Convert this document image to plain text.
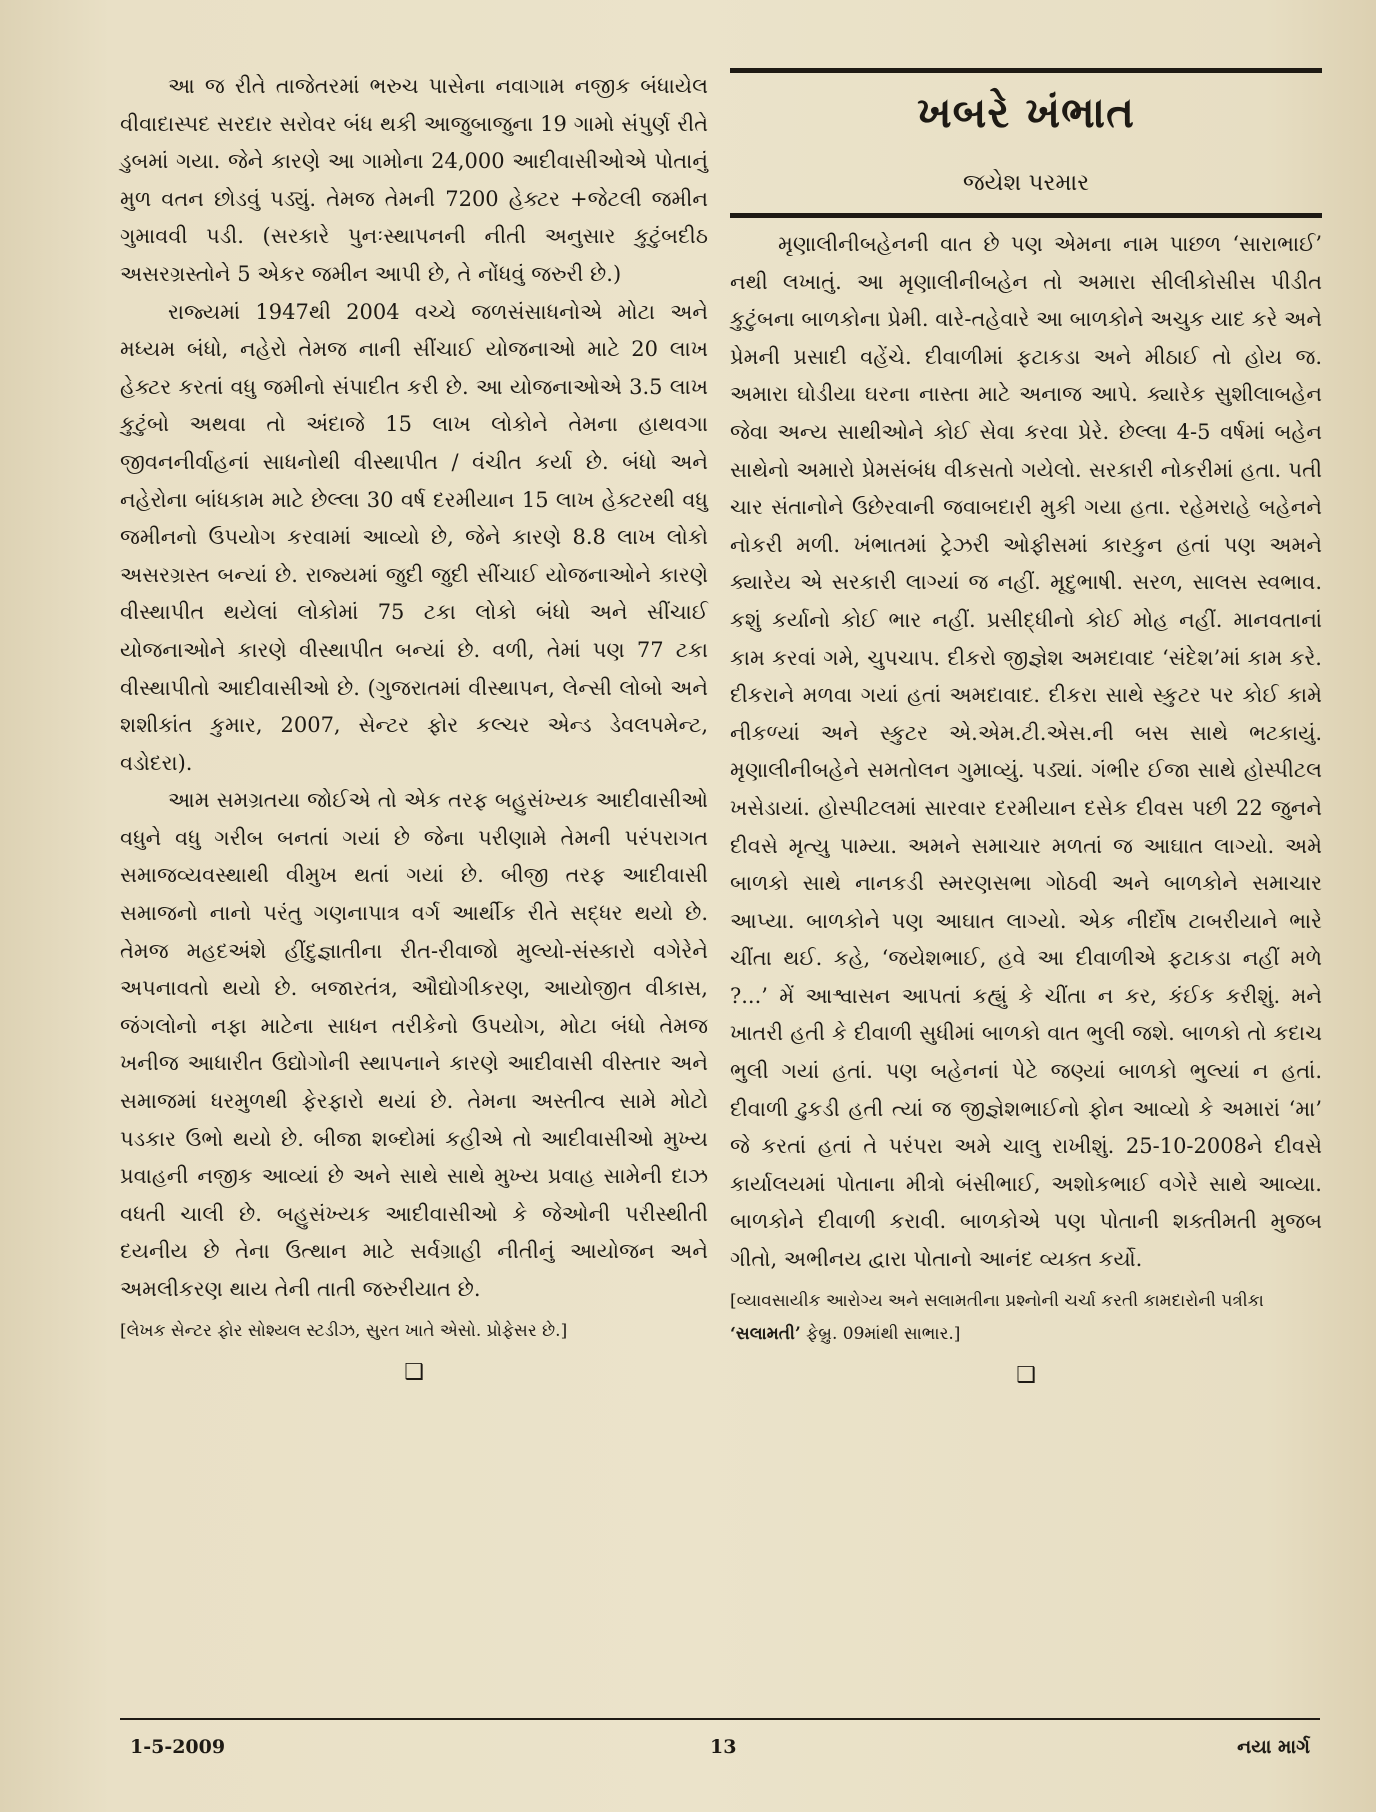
આ જ રીતે તાજેતરમાં ભરુચ પાસેના નવાગામ નજીક બંધાયેલ વીવાદાસ્પદ સરદાર સરોવર બંધ થકી આજુબાજુના 19 ગામો સંપુર્ણ રીતે ડુબમાં ગયા. જેને કારણે આ ગામોના 24,000 આદીવાસીઓએ પોતાનું મુળ વતન છોડવું પડ્યું. તેમજ તેમની 7200 હેક્ટર +જેટલી જમીન ગુમાવવી પડી. (સરકારે પુનઃસ્થાપનની નીતી અનુસાર કુટુંબદીઠ અસરગ્રસ્તોને 5 એકર જમીન આપી છે, તે નોંધવું જરુરી છે.)

રાજ્યમાં 1947થી 2004 વચ્ચે જળસંસાધનોએ મોટા અને મધ્યમ બંધો, નહેરો તેમજ નાની સીંચાઈ યોજનાઓ માટે 20 લાખ હેક્ટર કરતાં વધુ જમીનો સંપાદીત કરી છે. આ યોજનાઓએ 3.5 લાખ કુટુંબો અથવા તો અંદાજે 15 લાખ લોકોને તેમના હાથવગા જીવનનીર્વાહનાં સાધનોથી વીસ્થાપીત / વંચીત કર્યા છે. બંધો અને નહેરોના બાંધકામ માટે છેલ્લા 30 વર્ષ દરમીયાન 15 લાખ હેક્ટરથી વધુ જમીનનો ઉપયોગ કરવામાં આવ્યો છે, જેને કારણે 8.8 લાખ લોકો અસરગ્રસ્ત બન્યાં છે. રાજ્યમાં જુદી જુદી સીંચાઈ યોજનાઓને કારણે વીસ્થાપીત થયેલાં લોકોમાં 75 ટકા લોકો બંધો અને સીંચાઈ યોજનાઓને કારણે વીસ્થાપીત બન્યાં છે. વળી, તેમાં પણ 77 ટકા વીસ્થાપીતો આદીવાસીઓ છે. (ગુજરાતમાં વીસ્થાપન, લેન્સી લોબો અને શશીકાંત કુમાર, 2007, સેન્ટર ફોર કલ્ચર એન્ડ ડેવલપમેન્ટ, વડોદરા).

આમ સમગ્રતયા જોઈએ તો એક તરફ બહુસંખ્યક આદીવાસીઓ વધુને વધુ ગરીબ બનતાં ગયાં છે જેના પરીણામે તેમની પરંપરાગત સમાજવ્યવસ્થાથી વીમુખ થતાં ગયાં છે. બીજી તરફ આદીવાસી સમાજનો નાનો પરંતુ ગણનાપાત્ર વર્ગ આર્થીક રીતે સદ્ધર થયો છે. તેમજ મહદઅંશે હીંદુજ્ઞાતીના રીત-રીવાજો મુલ્યો-સંસ્કારો વગેરેને અપનાવતો થયો છે. બજારતંત્ર, ઔદ્યોગીકરણ, આયોજીત વીકાસ, જંગલોનો નફા માટેના સાધન તરીકેનો ઉપયોગ, મોટા બંધો તેમજ ખનીજ આધારીત ઉદ્યોગોની સ્થાપનાને કારણે આદીવાસી વીસ્તાર અને સમાજમાં ધરમુળથી ફેરફારો થયાં છે. તેમના અસ્તીત્વ સામે મોટો પડકાર ઉભો થયો છે. બીજા શબ્દોમાં કહીએ તો આદીવાસીઓ મુખ્ય પ્રવાહની નજીક આવ્યાં છે અને સાથે સાથે મુખ્ય પ્રવાહ સામેની દાઝ વધતી ચાલી છે. બહુસંખ્યક આદીવાસીઓ કે જેઓની પરીસ્થીતી દયનીય છે તેના ઉત્થાન માટે સર્વગ્રાહી નીતીનું આયોજન અને અમલીકરણ થાય તેની તાતી જરુરીયાત છે.

[લેખક સેન્ટર ફોર સોશ્યલ સ્ટડીઝ, સુરત ખાતે એસો. પ્રોફેસર છે.]

❑
ખબરે ખંભાત
જયેશ પરમાર

મૃણાલીનીબહેનની વાત છે પણ એમના નામ પાછળ ‘સારાભાઈ’ નથી લખાતું. આ મૃણાલીનીબહેન તો અમારા સીલીકોસીસ પીડીત કુટુંબના બાળકોના પ્રેમી. વારે-તહેવારે આ બાળકોને અચુક યાદ કરે અને પ્રેમની પ્રસાદી વહેંચે. દીવાળીમાં ફટાકડા અને મીઠાઈ તો હોય જ. અમારા ઘોડીયા ઘરના નાસ્તા માટે અનાજ આપે. ક્યારેક સુશીલાબહેન જેવા અન્ય સાથીઓને કોઈ સેવા કરવા પ્રેરે. છેલ્લા 4-5 વર્ષમાં બહેન સાથેનો અમારો પ્રેમસંબંધ વીકસતો ગયેલો. સરકારી નોકરીમાં હતા. પતી ચાર સંતાનોને ઉછેરવાની જવાબદારી મુકી ગયા હતા. રહેમરાહે બહેનને નોકરી મળી. ખંભાતમાં ટ્રેઝરી ઓફીસમાં કારકુન હતાં પણ અમને ક્યારેય એ સરકારી લાગ્યાં જ નહીં. મૃદુભાષી. સરળ, સાલસ સ્વભાવ. કશું કર્યાનો કોઈ ભાર નહીં. પ્રસીદ્ધીનો કોઈ મોહ નહીં. માનવતાનાં કામ કરવાં ગમે, ચુપચાપ. દીકરો જીજ્ઞેશ અમદાવાદ ‘સંદેશ’માં કામ કરે. દીકરાને મળવા ગયાં હતાં અમદાવાદ. દીકરા સાથે સ્કુટર પર કોઈ કામે નીકળ્યાં અને સ્કુટર એ.એમ.ટી.એસ.ની બસ સાથે ભટકાયું. મૃણાલીનીબહેને સમતોલન ગુમાવ્યું. પડ્યાં. ગંભીર ઈજા સાથે હોસ્પીટલ ખસેડાયાં. હોસ્પીટલમાં સારવાર દરમીયાન દસેક દીવસ પછી 22 જુનને દીવસે મૃત્યુ પામ્યા. અમને સમાચાર મળતાં જ આઘાત લાગ્યો. અમે બાળકો સાથે નાનકડી સ્મરણસભા ગોઠવી અને બાળકોને સમાચાર આપ્યા. બાળકોને પણ આઘાત લાગ્યો. એક નીર્દોષ ટાબરીયાને ભારે ચીંતા થઈ. કહે, ‘જયેશભાઈ, હવે આ દીવાળીએ ફટાકડા નહીં મળે ?...’ મેં આશ્વાસન આપતાં કહ્યું કે ચીંતા ન કર, કંઈક કરીશું. મને ખાતરી હતી કે દીવાળી સુધીમાં બાળકો વાત ભુલી જશે. બાળકો તો કદાચ ભુલી ગયાં હતાં. પણ બહેનનાં પેટે જણ્યાં બાળકો ભુલ્યાં ન હતાં. દીવાળી ઢુકડી હતી ત્યાં જ જીજ્ઞેશભાઈનો ફોન આવ્યો કે અમારાં ‘મા’ જે કરતાં હતાં તે પરંપરા અમે ચાલુ રાખીશું. 25-10-2008ને દીવસે કાર્યાલયમાં પોતાના મીત્રો બંસીભાઈ, અશોકભાઈ વગેરે સાથે આવ્યા. બાળકોને દીવાળી કરાવી. બાળકોએ પણ પોતાની શક્તીમતી મુજબ ગીતો, અભીનય દ્વારા પોતાનો આનંદ વ્યક્ત કર્યો.

[વ્યાવસાયીક આરોગ્ય અને સલામતીના પ્રશ્નોની ચર્ચા કરતી કામદારોની પત્રીકા ‘સલામતી’ ફેબ્રુ. 09માંથી સાભાર.]

❑
1-5-2009	13	નયા માર્ગ
